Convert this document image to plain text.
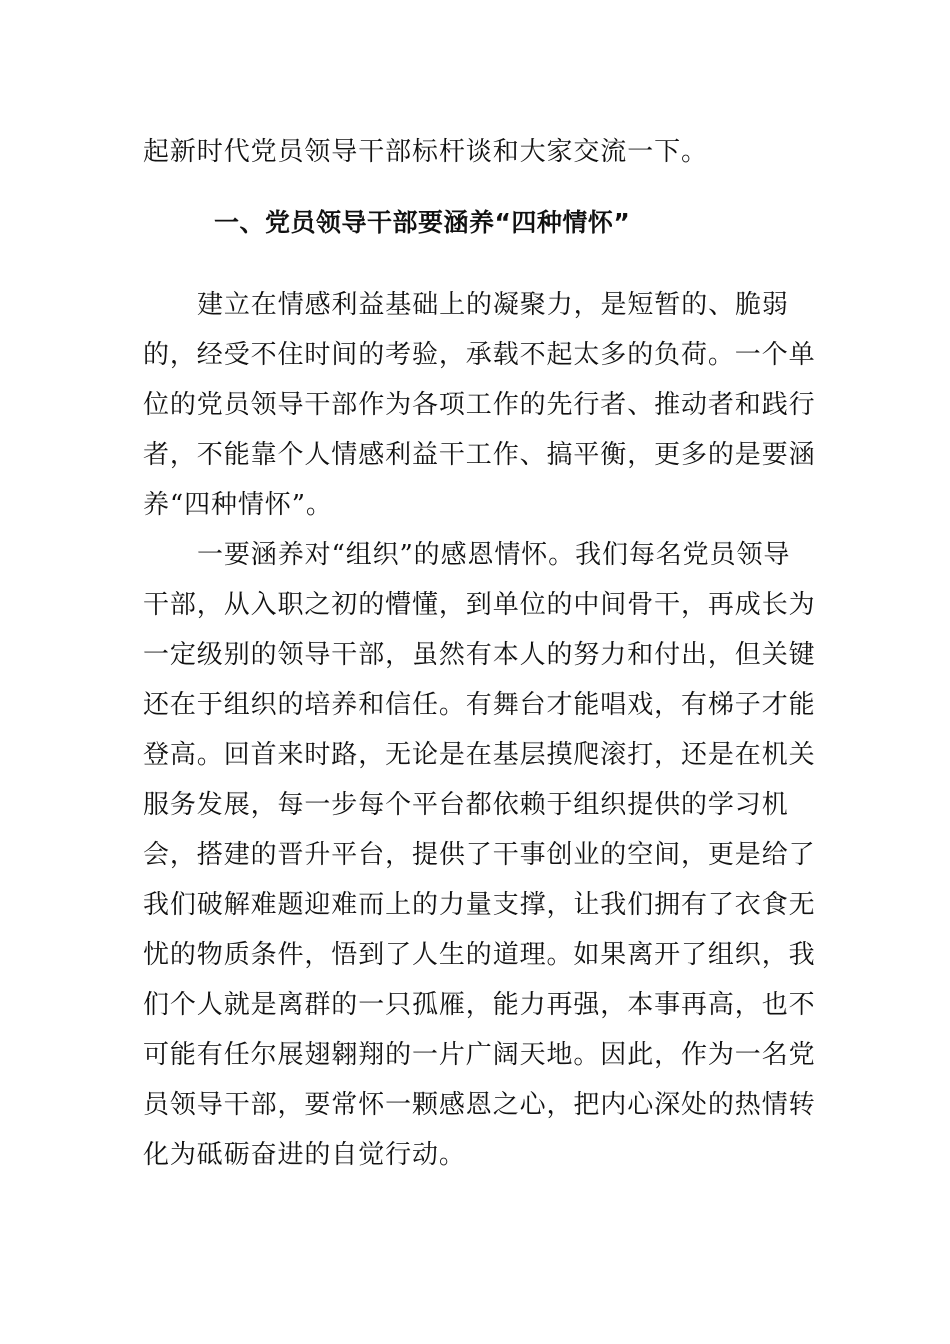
起新时代党员领导干部标杆谈和大家交流一下。
一、党员领导干部要涵养“四种情怀”
建立在情感利益基础上的凝聚力，是短暂的、脆弱
的，经受不住时间的考验，承载不起太多的负荷。一个单
位的党员领导干部作为各项工作的先行者、推动者和践行
者，不能靠个人情感利益干工作、搞平衡，更多的是要涵
养“四种情怀”。
一要涵养对“组织”的感恩情怀。我们每名党员领导
干部，从入职之初的懵懂，到单位的中间骨干，再成长为
一定级别的领导干部，虽然有本人的努力和付出，但关键
还在于组织的培养和信任。有舞台才能唱戏，有梯子才能
登高。回首来时路，无论是在基层摸爬滚打，还是在机关
服务发展，每一步每个平台都依赖于组织提供的学习机
会，搭建的晋升平台，提供了干事创业的空间，更是给了
我们破解难题迎难而上的力量支撑，让我们拥有了衣食无
忧的物质条件，悟到了人生的道理。如果离开了组织，我
们个人就是离群的一只孤雁，能力再强，本事再高，也不
可能有任尔展翅翱翔的一片广阔天地。因此，作为一名党
员领导干部，要常怀一颗感恩之心，把内心深处的热情转
化为砥砺奋进的自觉行动。
